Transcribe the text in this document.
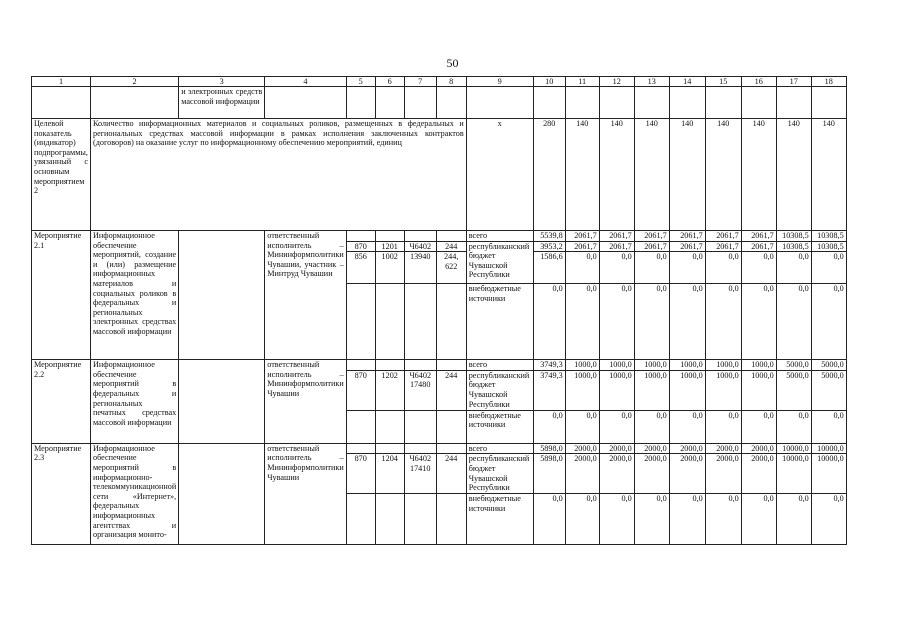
50
1	2	3	4	5	6	7	8	9	10	11	12	13	14	15	16	17	18
		и электронных средств массовой информации															
Целевой показатель (индикатор) подпрограммы, увязанный с основным мероприятием 2	Количество информационных материалов и социальных роликов, размещенных в федеральных и региональных средствах массовой информации в рамках исполнения заключенных контрактов (договоров) на оказание услуг по информационному обеспечению мероприятий, единиц							x	280	140	140	140	140	140	140	140	140
Мероприятие 2.1	Информационное обеспечение мероприятий, создание и (или) размещение информационных материалов и социальных роликов в федеральных и региональных электронных средствах массовой информации		ответственный исполнитель – Мининформполитики Чувашии, участник – Минтруд Чувашии					всего	5539,8	2061,7	2061,7	2061,7	2061,7	2061,7	2061,7	10308,5	10308,5
				870	1201	Ч6402	244	республиканский бюджет Чувашской Республики	3953,2	2061,7	2061,7	2061,7	2061,7	2061,7	2061,7	10308,5	10308,5
				856	1002	13940	244, 622		1586,6	0,0	0,0	0,0	0,0	0,0	0,0	0,0	0,0
								внебюджетные источники	0,0	0,0	0,0	0,0	0,0	0,0	0,0	0,0	0,0
Мероприятие 2.2	Информационное обеспечение мероприятий в федеральных и региональных печатных средствах массовой информации		ответственный исполнитель – Мининформполитики Чувашии					всего	3749,3	1000,0	1000,0	1000,0	1000,0	1000,0	1000,0	5000,0	5000,0
				870	1202	Ч6402 17480	244	республиканский бюджет Чувашской Республики	3749,3	1000,0	1000,0	1000,0	1000,0	1000,0	1000,0	5000,0	5000,0
								внебюджетные источники	0,0	0,0	0,0	0,0	0,0	0,0	0,0	0,0	0,0
Мероприятие 2.3	Информационное обеспечение мероприятий в информационно-телекоммуникационной сети «Интернет», федеральных информационных агентствах и организация монито-		ответственный исполнитель – Мининформполитики Чувашии					всего	5898,0	2000,0	2000,0	2000,0	2000,0	2000,0	2000,0	10000,0	10000,0
				870	1204	Ч6402 17410	244	республиканский бюджет Чувашской Республики	5898,0	2000,0	2000,0	2000,0	2000,0	2000,0	2000,0	10000,0	10000,0
								внебюджетные источники	0,0	0,0	0,0	0,0	0,0	0,0	0,0	0,0	0,0
